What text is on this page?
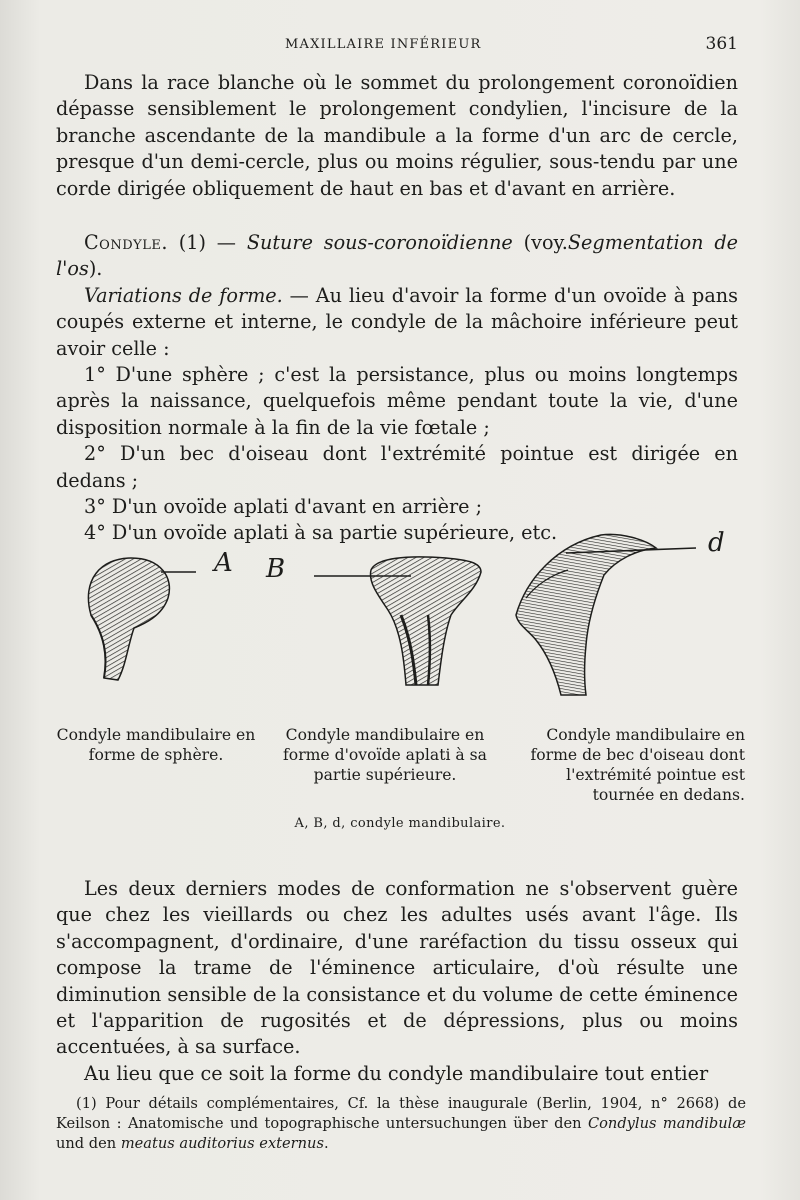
MAXILLAIRE INFÉRIEUR	361

Dans la race blanche où le sommet du prolongement coronoïdien dépasse sensiblement le prolongement condylien, l'incisure de la branche ascendante de la mandibule a la forme d'un arc de cercle, presque d'un demi-cercle, plus ou moins régulier, sous-tendu par une corde dirigée obliquement de haut en bas et d'avant en arrière.

Condyle. (1) — Suture sous-coronoïdienne (voy.Segmentation de l'os).

Variations de forme. — Au lieu d'avoir la forme d'un ovoïde à pans coupés externe et interne, le condyle de la mâchoire inférieure peut avoir celle :

1° D'une sphère ; c'est la persistance, plus ou moins longtemps après la naissance, quelquefois même pendant toute la vie, d'une disposition normale à la fin de la vie fœtale ;

2° D'un bec d'oiseau dont l'extrémité pointue est dirigée en dedans ;

3° D'un ovoïde aplati d'avant en arrière ;

4° D'un ovoïde aplati à sa partie supérieure, etc.

A B
d
Condyle mandibulaire en forme de sphère.
Condyle mandibulaire en forme d'ovoïde aplati à sa partie supérieure.
Condyle mandibulaire en forme de bec d'oiseau dont l'extrémité pointue est tournée en dedans.
A, B, d, condyle mandibulaire.

Les deux derniers modes de conformation ne s'observent guère que chez les vieillards ou chez les adultes usés avant l'âge. Ils s'accompagnent, d'ordinaire, d'une raréfaction du tissu osseux qui compose la trame de l'éminence articulaire, d'où résulte une diminution sensible de la consistance et du volume de cette éminence et l'apparition de rugosités et de dépressions, plus ou moins accentuées, à sa surface.

Au lieu que ce soit la forme du condyle mandibulaire tout entier

(1) Pour détails complémentaires, Cf. la thèse inaugurale (Berlin, 1904, n° 2668) de Keilson : Anatomische und topographische untersuchungen über den Condylus mandibulæ und den meatus auditorius externus.
